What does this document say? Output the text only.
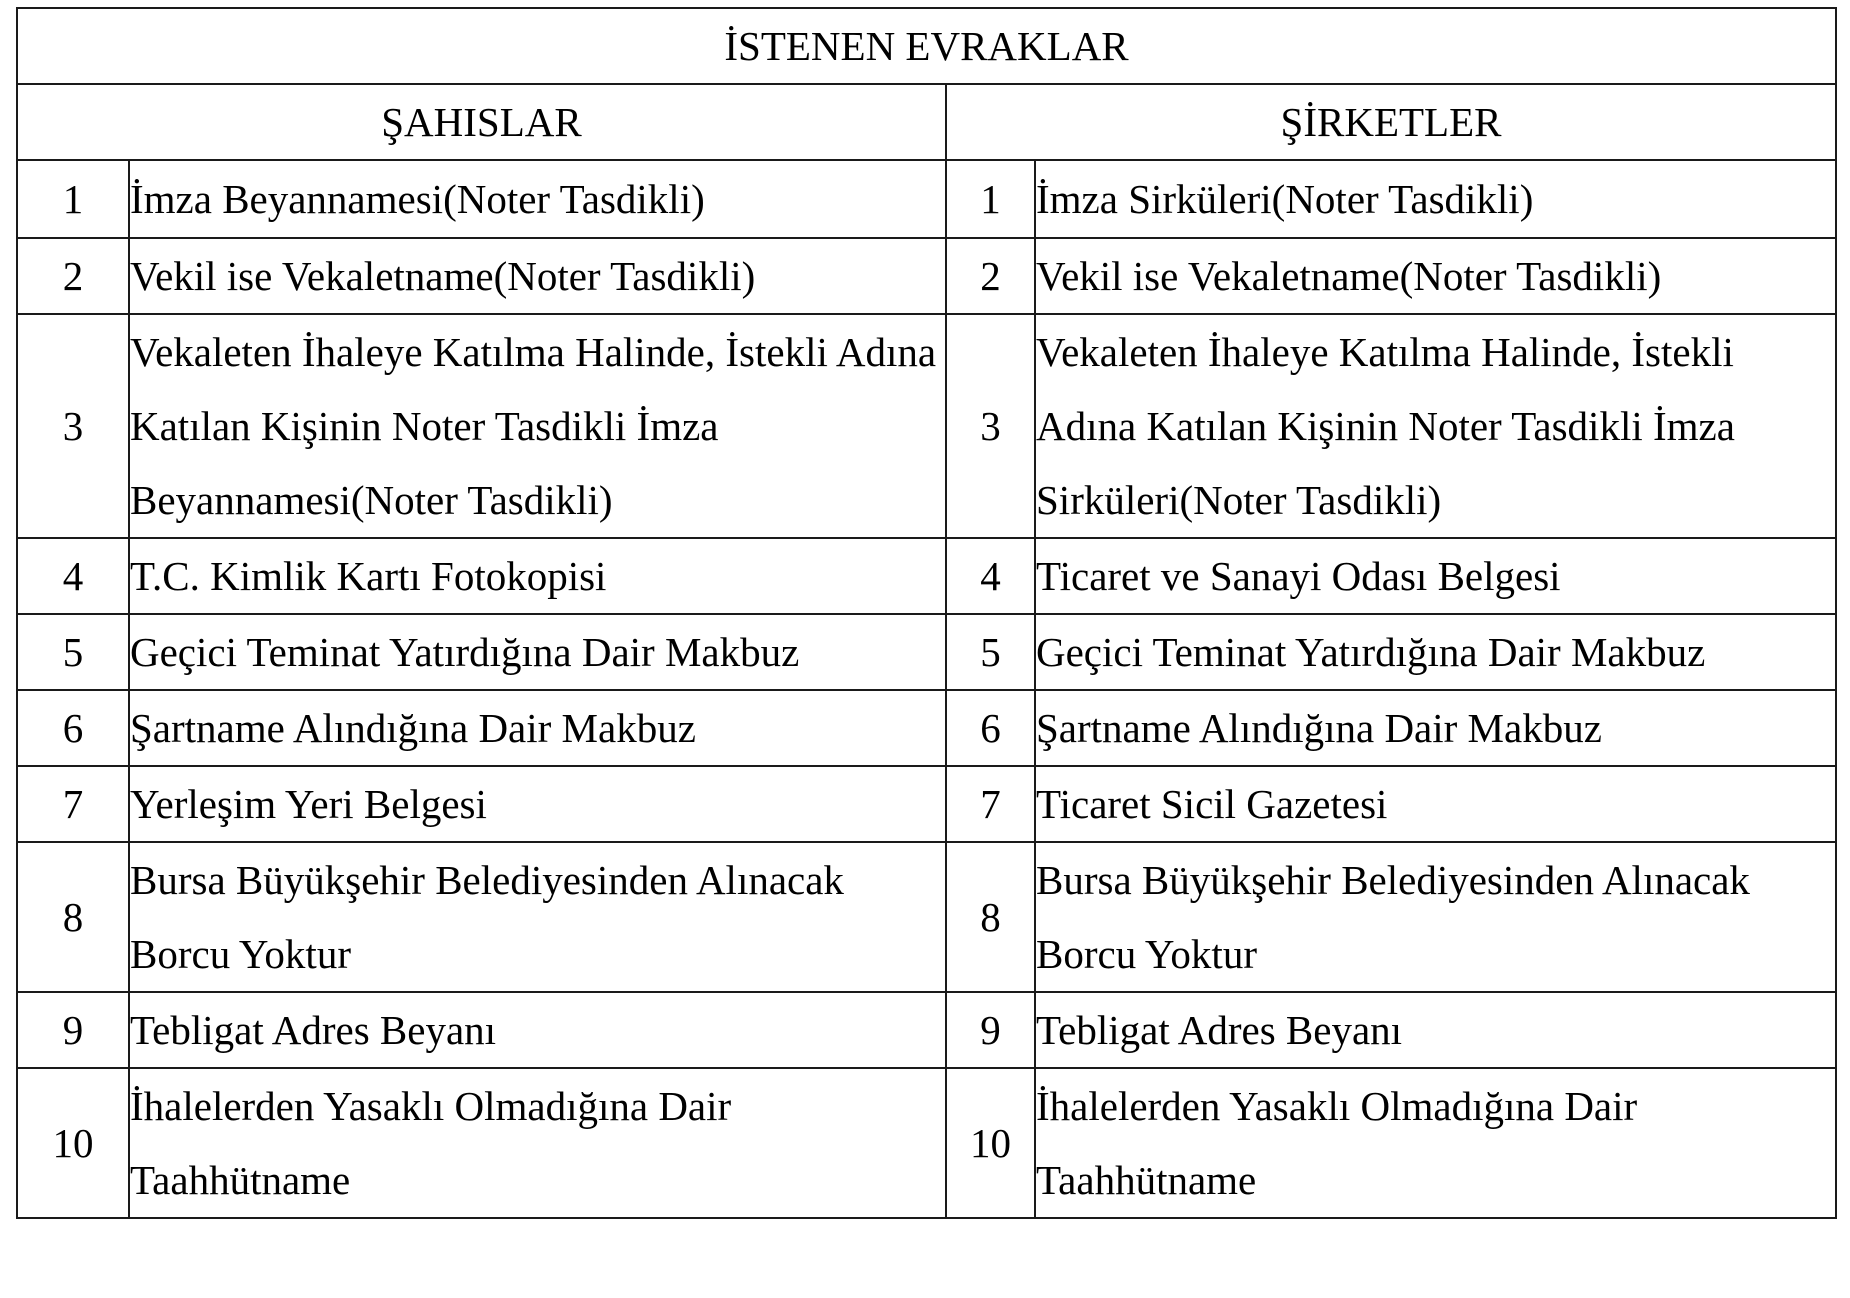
İSTENEN EVRAKLAR			
ŞAHISLAR		ŞİRKETLER	
1	İmza Beyannamesi(Noter Tasdikli)	1	İmza Sirküleri(Noter Tasdikli)
2	Vekil ise Vekaletname(Noter Tasdikli)	2	Vekil ise Vekaletname(Noter Tasdikli)
3	Vekaleten İhaleye Katılma Halinde, İstekli Adına Katılan Kişinin Noter Tasdikli İmza Beyannamesi(Noter Tasdikli)	3	Vekaleten İhaleye Katılma Halinde, İstekli Adına Katılan Kişinin Noter Tasdikli İmza Sirküleri(Noter Tasdikli)
4	T.C. Kimlik Kartı Fotokopisi	4	Ticaret ve Sanayi Odası Belgesi
5	Geçici Teminat Yatırdığına Dair Makbuz	5	Geçici Teminat Yatırdığına Dair Makbuz
6	Şartname Alındığına Dair Makbuz	6	Şartname Alındığına Dair Makbuz
7	Yerleşim Yeri Belgesi	7	Ticaret Sicil Gazetesi
8	Bursa Büyükşehir Belediyesinden Alınacak Borcu Yoktur	8	Bursa Büyükşehir Belediyesinden Alınacak Borcu Yoktur
9	Tebligat Adres Beyanı	9	Tebligat Adres Beyanı
10	İhalelerden Yasaklı Olmadığına Dair Taahhütname	10	İhalelerden Yasaklı Olmadığına Dair Taahhütname
